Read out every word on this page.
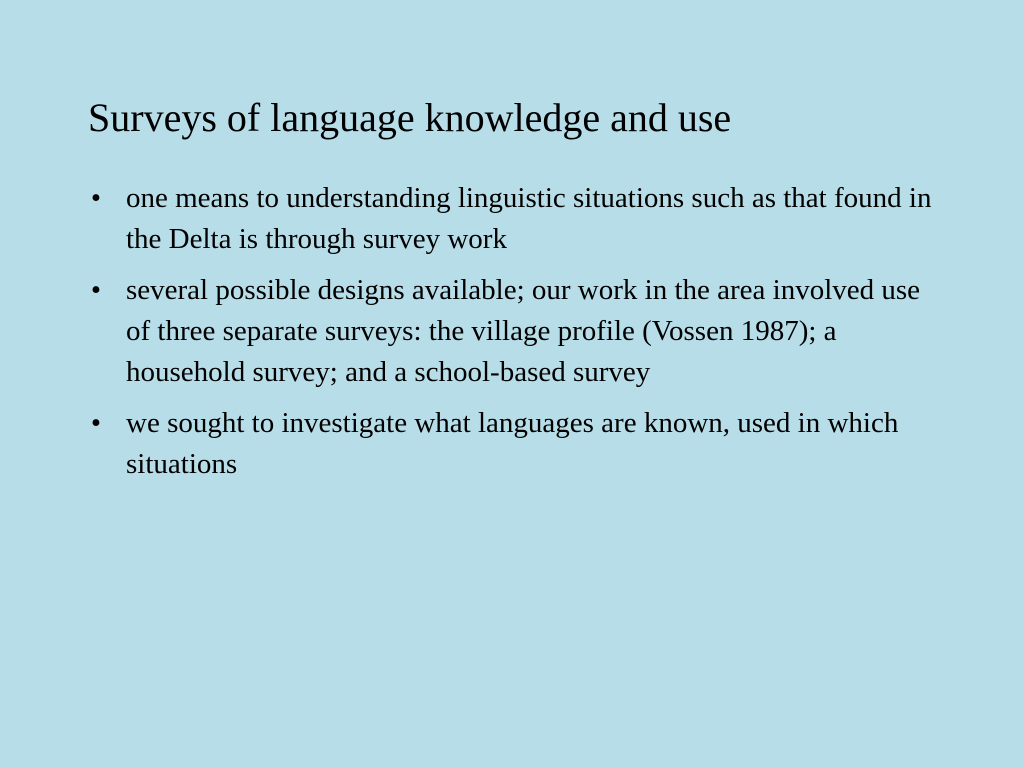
Surveys of language knowledge and use
• one means to understanding linguistic situations such as that found in the Delta is through survey work
• several possible designs available; our work in the area involved use of three separate surveys: the village profile (Vossen 1987); a household survey; and a school-based survey
• we sought to investigate what languages are known, used in which situations
